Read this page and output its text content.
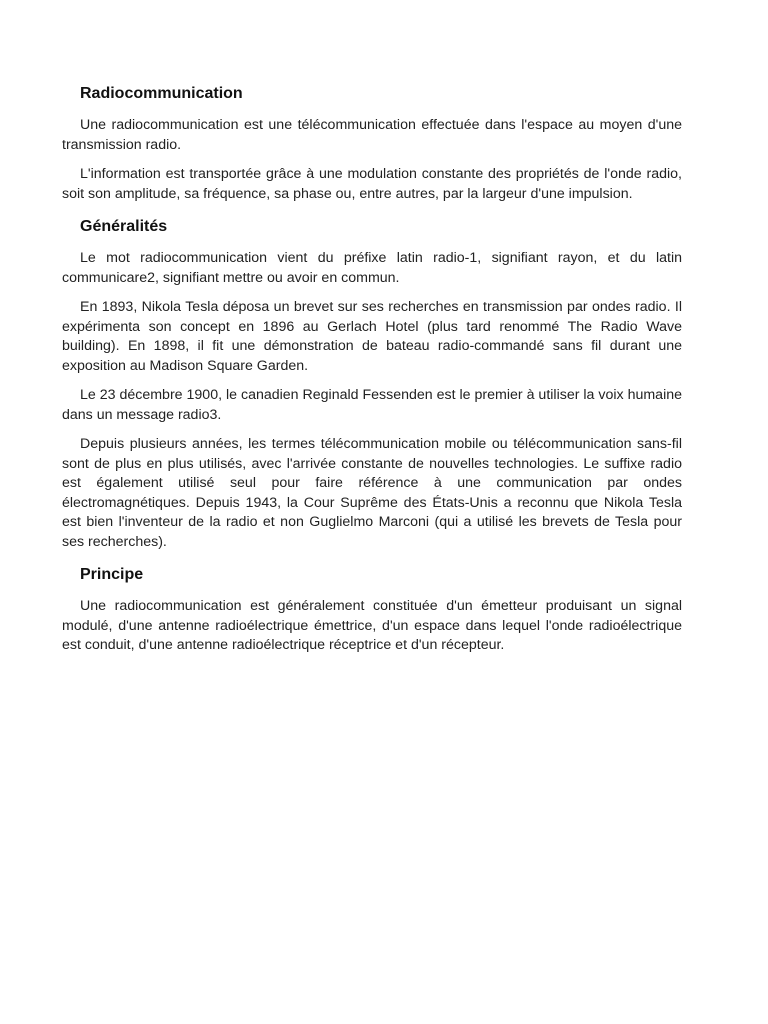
Radiocommunication

Une radiocommunication est une télécommunication effectuée dans l'espace au moyen d'une transmission radio.

L'information est transportée grâce à une modulation constante des propriétés de l'onde radio, soit son amplitude, sa fréquence, sa phase ou, entre autres, par la largeur d'une impulsion.

Généralités

Le mot radiocommunication vient du préfixe latin radio-1, signifiant rayon, et du latin communicare2, signifiant mettre ou avoir en commun.

En 1893, Nikola Tesla déposa un brevet sur ses recherches en transmission par ondes radio. Il expérimenta son concept en 1896 au Gerlach Hotel (plus tard renommé The Radio Wave building). En 1898, il fit une démonstration de bateau radio-commandé sans fil durant une exposition au Madison Square Garden.

Le 23 décembre 1900, le canadien Reginald Fessenden est le premier à utiliser la voix humaine dans un message radio3.

Depuis plusieurs années, les termes télécommunication mobile ou télécommunication sans-fil sont de plus en plus utilisés, avec l'arrivée constante de nouvelles technologies. Le suffixe radio est également utilisé seul pour faire référence à une communication par ondes électromagnétiques. Depuis 1943, la Cour Suprême des États-Unis a reconnu que Nikola Tesla est bien l'inventeur de la radio et non Guglielmo Marconi (qui a utilisé les brevets de Tesla pour ses recherches).

Principe

Une radiocommunication est généralement constituée d'un émetteur produisant un signal modulé, d'une antenne radioélectrique émettrice, d'un espace dans lequel l'onde radioélectrique est conduit, d'une antenne radioélectrique réceptrice et d'un récepteur.
